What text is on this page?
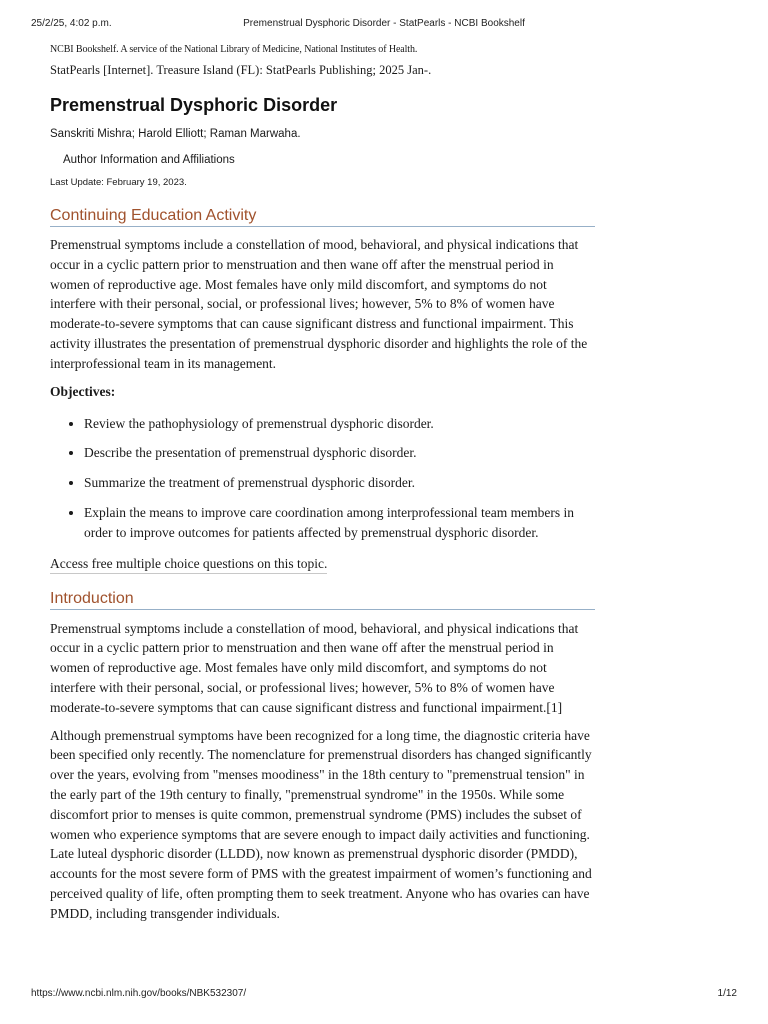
25/2/25, 4:02 p.m.	Premenstrual Dysphoric Disorder - StatPearls - NCBI Bookshelf
NCBI Bookshelf. A service of the National Library of Medicine, National Institutes of Health.
StatPearls [Internet]. Treasure Island (FL): StatPearls Publishing; 2025 Jan-.
Premenstrual Dysphoric Disorder
Sanskriti Mishra; Harold Elliott; Raman Marwaha.
Author Information and Affiliations
Last Update: February 19, 2023.
Continuing Education Activity

Premenstrual symptoms include a constellation of mood, behavioral, and physical indications that occur in a cyclic pattern prior to menstruation and then wane off after the menstrual period in women of reproductive age. Most females have only mild discomfort, and symptoms do not interfere with their personal, social, or professional lives; however, 5% to 8% of women have moderate-to-severe symptoms that can cause significant distress and functional impairment. This activity illustrates the presentation of premenstrual dysphoric disorder and highlights the role of the interprofessional team in its management.

Objectives:

• Review the pathophysiology of premenstrual dysphoric disorder.
• Describe the presentation of premenstrual dysphoric disorder.
• Summarize the treatment of premenstrual dysphoric disorder.
• Explain the means to improve care coordination among interprofessional team members in order to improve outcomes for patients affected by premenstrual dysphoric disorder.
Access free multiple choice questions on this topic.
Introduction

Premenstrual symptoms include a constellation of mood, behavioral, and physical indications that occur in a cyclic pattern prior to menstruation and then wane off after the menstrual period in women of reproductive age. Most females have only mild discomfort, and symptoms do not interfere with their personal, social, or professional lives; however, 5% to 8% of women have moderate-to-severe symptoms that can cause significant distress and functional impairment.[1]

Although premenstrual symptoms have been recognized for a long time, the diagnostic criteria have been specified only recently. The nomenclature for premenstrual disorders has changed significantly over the years, evolving from "menses moodiness" in the 18th century to "premenstrual tension" in the early part of the 19th century to finally, "premenstrual syndrome" in the 1950s. While some discomfort prior to menses is quite common, premenstrual syndrome (PMS) includes the subset of women who experience symptoms that are severe enough to impact daily activities and functioning. Late luteal dysphoric disorder (LLDD), now known as premenstrual dysphoric disorder (PMDD), accounts for the most severe form of PMS with the greatest impairment of women’s functioning and perceived quality of life, often prompting them to seek treatment. Anyone who has ovaries can have PMDD, including transgender individuals.

https://www.ncbi.nlm.nih.gov/books/NBK532307/	1/12
